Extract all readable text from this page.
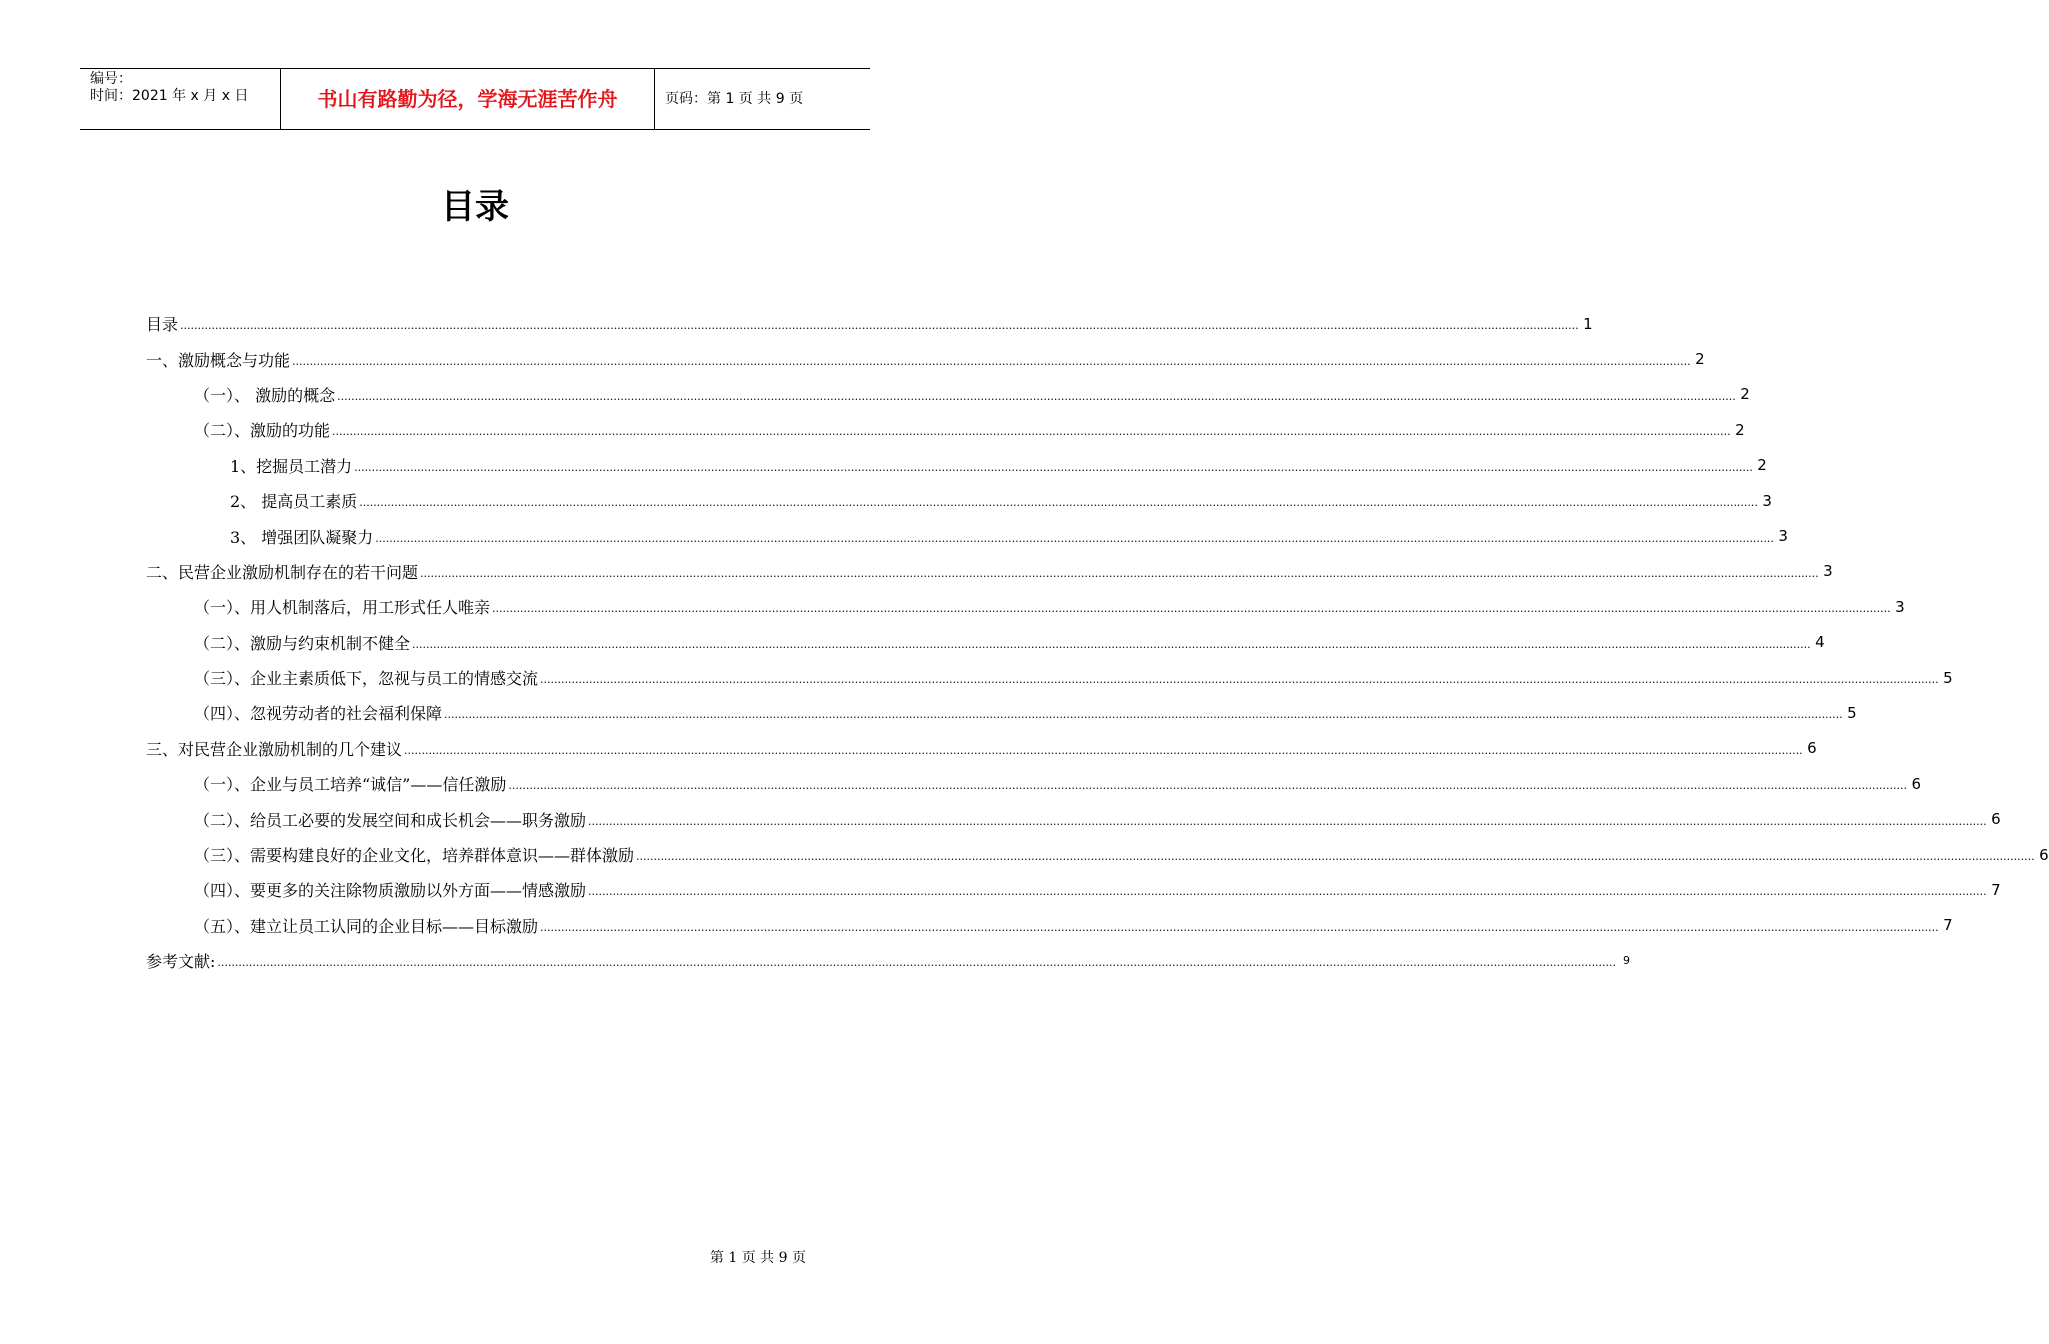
编号：
时间：2021 年 x 月 x 日	书山有路勤为径，学海无涯苦作舟	页码：第 1 页 共 9 页
目录
目录 ................................................................................................................................................................................................................................................................................................................................................................................................................ 1
一、激励概念与功能 ................................................................................................................................................................................................................................................................................................................................................................................................................ 2
（一）、 激励的概念 ................................................................................................................................................................................................................................................................................................................................................................................................................ 2
（二）、激励的功能 ................................................................................................................................................................................................................................................................................................................................................................................................................ 2
1、挖掘员工潜力 ................................................................................................................................................................................................................................................................................................................................................................................................................ 2
2、 提高员工素质 ................................................................................................................................................................................................................................................................................................................................................................................................................ 3
3、 增强团队凝聚力 ................................................................................................................................................................................................................................................................................................................................................................................................................ 3
二、民营企业激励机制存在的若干问题 ................................................................................................................................................................................................................................................................................................................................................................................................................ 3
（一）、用人机制落后，用工形式任人唯亲 ................................................................................................................................................................................................................................................................................................................................................................................................................ 3
（二）、激励与约束机制不健全 ................................................................................................................................................................................................................................................................................................................................................................................................................ 4
（三）、企业主素质低下，忽视与员工的情感交流 ................................................................................................................................................................................................................................................................................................................................................................................................................ 5
（四）、忽视劳动者的社会福利保障 ................................................................................................................................................................................................................................................................................................................................................................................................................ 5
三、对民营企业激励机制的几个建议 ................................................................................................................................................................................................................................................................................................................................................................................................................ 6
（一）、企业与员工培养“诚信”——信任激励 ................................................................................................................................................................................................................................................................................................................................................................................................................ 6
（二）、给员工必要的发展空间和成长机会——职务激励 ................................................................................................................................................................................................................................................................................................................................................................................................................ 6
（三）、需要构建良好的企业文化，培养群体意识——群体激励 ................................................................................................................................................................................................................................................................................................................................................................................................................ 6
（四）、要更多的关注除物质激励以外方面——情感激励 ................................................................................................................................................................................................................................................................................................................................................................................................................ 7
（五）、建立让员工认同的企业目标——目标激励 ................................................................................................................................................................................................................................................................................................................................................................................................................ 7
参考文献: ................................................................................................................................................................................................................................................................................................................................................................................................................ 9
第 1 页 共 9 页
